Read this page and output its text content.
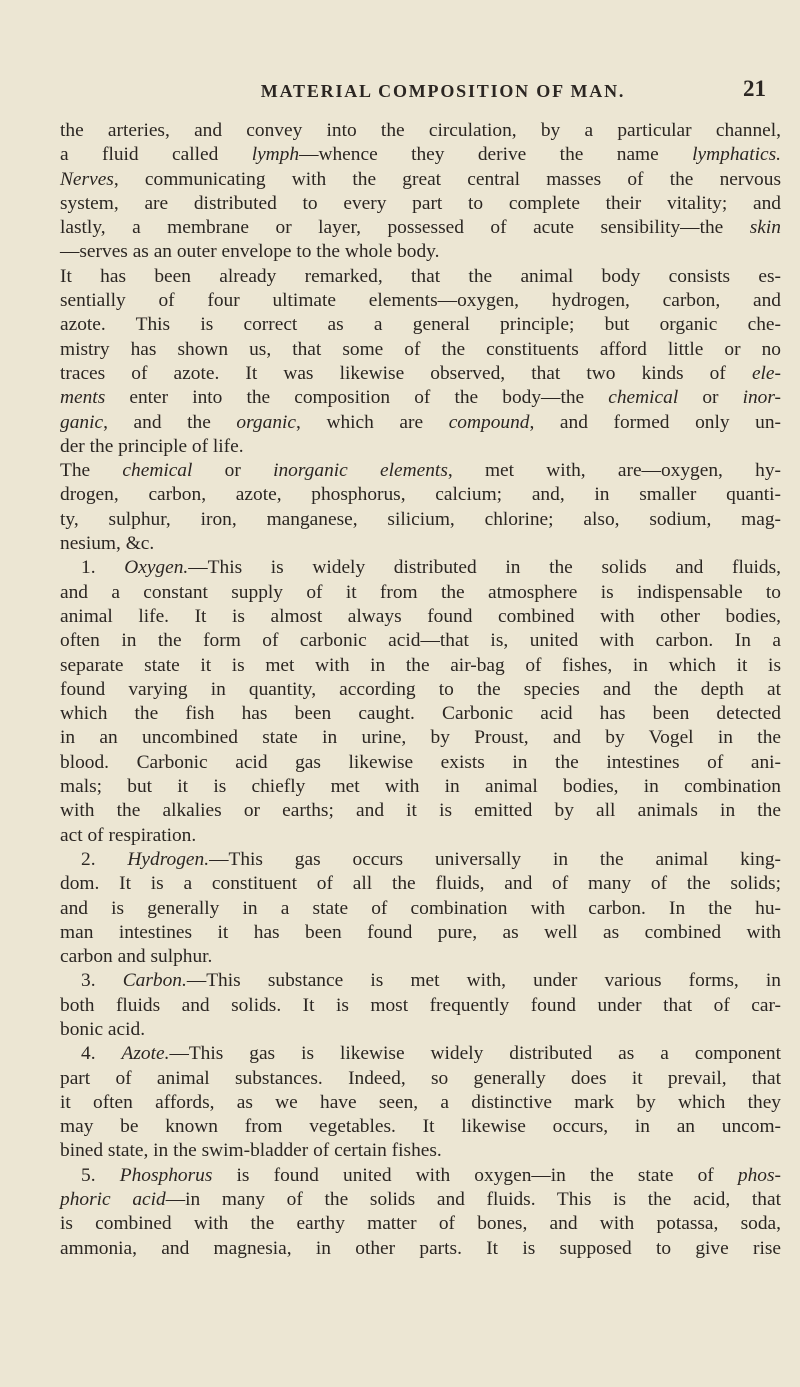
MATERIAL COMPOSITION OF MAN.	21
the arteries, and convey into the circulation, by a particular channel,
a fluid called lymph—whence they derive the name lymphatics.
Nerves, communicating with the great central masses of the nervous
system, are distributed to every part to complete their vitality; and
lastly, a membrane or layer, possessed of acute sensibility—the skin
—serves as an outer envelope to the whole body.
It has been already remarked, that the animal body consists es-
sentially of four ultimate elements—oxygen, hydrogen, carbon, and
azote. This is correct as a general principle; but organic che-
mistry has shown us, that some of the constituents afford little or no
traces of azote. It was likewise observed, that two kinds of ele-
ments enter into the composition of the body—the chemical or inor-
ganic, and the organic, which are compound, and formed only un-
der the principle of life.
The chemical or inorganic elements, met with, are—oxygen, hy-
drogen, carbon, azote, phosphorus, calcium; and, in smaller quanti-
ty, sulphur, iron, manganese, silicium, chlorine; also, sodium, mag-
nesium, &c.
1. Oxygen.—This is widely distributed in the solids and fluids,
and a constant supply of it from the atmosphere is indispensable to
animal life. It is almost always found combined with other bodies,
often in the form of carbonic acid—that is, united with carbon. In a
separate state it is met with in the air-bag of fishes, in which it is
found varying in quantity, according to the species and the depth at
which the fish has been caught. Carbonic acid has been detected
in an uncombined state in urine, by Proust, and by Vogel in the
blood. Carbonic acid gas likewise exists in the intestines of ani-
mals; but it is chiefly met with in animal bodies, in combination
with the alkalies or earths; and it is emitted by all animals in the
act of respiration.
2. Hydrogen.—This gas occurs universally in the animal king-
dom. It is a constituent of all the fluids, and of many of the solids;
and is generally in a state of combination with carbon. In the hu-
man intestines it has been found pure, as well as combined with
carbon and sulphur.
3. Carbon.—This substance is met with, under various forms, in
both fluids and solids. It is most frequently found under that of car-
bonic acid.
4. Azote.—This gas is likewise widely distributed as a component
part of animal substances. Indeed, so generally does it prevail, that
it often affords, as we have seen, a distinctive mark by which they
may be known from vegetables. It likewise occurs, in an uncom-
bined state, in the swim-bladder of certain fishes.
5. Phosphorus is found united with oxygen—in the state of phos-
phoric acid—in many of the solids and fluids. This is the acid, that
is combined with the earthy matter of bones, and with potassa, soda,
ammonia, and magnesia, in other parts. It is supposed to give rise
